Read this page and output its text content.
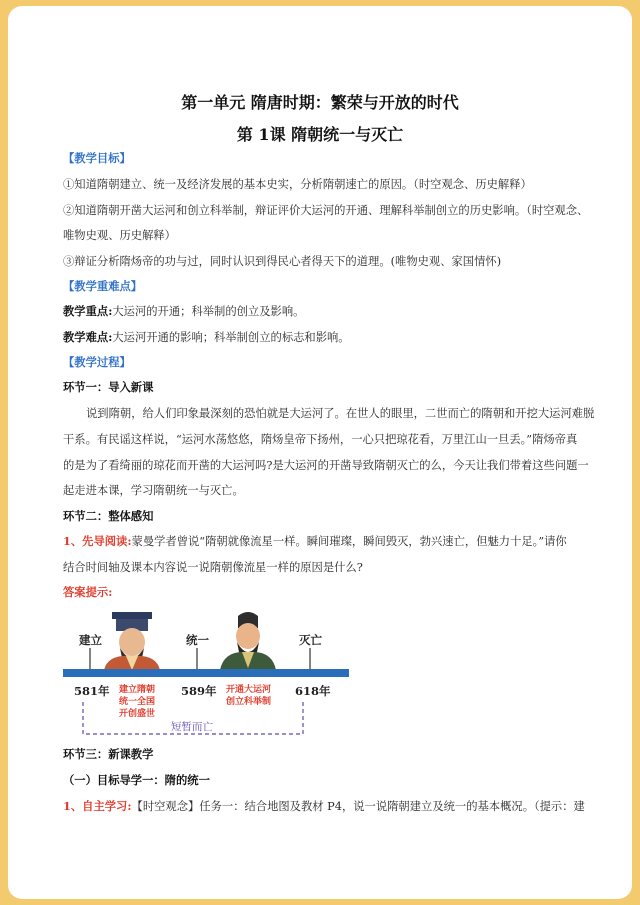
第一单元 隋唐时期：繁荣与开放的时代
第 1课 隋朝统一与灭亡
【教学目标】
①知道隋朝建立、统一及经济发展的基本史实，分析隋朝速亡的原因。（时空观念、历史解释）
②知道隋朝开凿大运河和创立科举制，辩证评价大运河的开通、理解科举制创立的历史影响。（时空观念、
唯物史观、历史解释）
③辩证分析隋炀帝的功与过，同时认识到得民心者得天下的道理。(唯物史观、家国情怀)
【教学重难点】
教学重点:大运河的开通；科举制的创立及影响。
教学难点:大运河开通的影响；科举制创立的标志和影响。
【教学过程】
环节一：导入新课
说到隋朝，给人们印象最深刻的恐怕就是大运河了。在世人的眼里，二世而亡的隋朝和开挖大运河难脱
干系。有民谣这样说，“运河水荡悠悠，隋炀皇帝下扬州，一心只把琼花看，万里江山一旦丢。”隋炀帝真
的是为了看绮丽的琼花而开凿的大运河吗?是大运河的开凿导致隋朝灭亡的么，今天让我们带着这些问题一
起走进本课，学习隋朝统一与灭亡。
环节二：整体感知
1、先导阅读:蒙曼学者曾说“隋朝就像流星一样。瞬间璀璨，瞬间毁灭，勃兴速亡，但魅力十足。”请你
结合时间轴及课本内容说一说隋朝像流星一样的原因是什么?
答案提示:
建立	统一	灭亡
581年	589年	618年
建立隋朝
统一全国
开创盛世
开通大运河
创立科举制
短暂而亡
环节三：新课教学
（一）目标导学一：隋的统一
1、自主学习:【时空观念】任务一：结合地图及教材 P4，说一说隋朝建立及统一的基本概况。（提示：建
